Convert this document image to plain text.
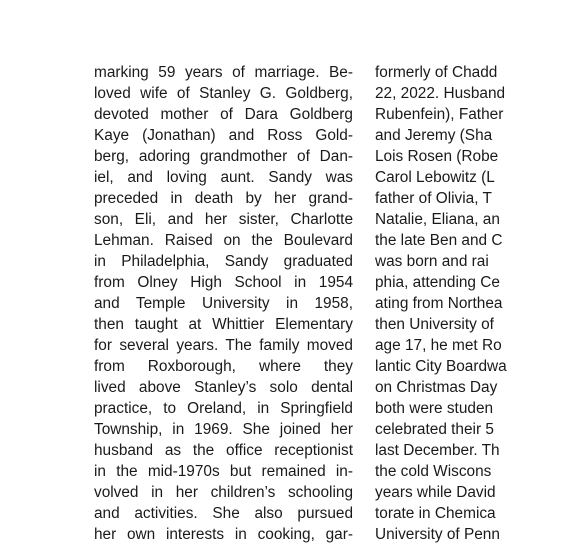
marking 59 years of marriage. Be-
loved wife of Stanley G. Goldberg,
devoted mother of Dara Goldberg
Kaye (Jonathan) and Ross Gold-
berg, adoring grandmother of Dan-
iel, and loving aunt. Sandy was
preceded in death by her grand-
son, Eli, and her sister, Charlotte
Lehman. Raised on the Boulevard
in Philadelphia, Sandy graduated
from Olney High School in 1954
and Temple University in 1958,
then taught at Whittier Elementary
for several years. The family moved
from Roxborough, where they
lived above Stanley’s solo dental
practice, to Oreland, in Springfield
Township, in 1969. She joined her
husband as the office receptionist
in the mid-1970s but remained in-
volved in her children’s schooling
and activities. She also pursued
her own interests in cooking, gar-
formerly of Chadd
22, 2022. Husband
Rubenfein), Father
and Jeremy (Sha
Lois Rosen (Robe
Carol Lebowitz (L
father of Olivia, T
Natalie, Eliana, an
the late Ben and C
was born and rai
phia, attending Ce
ating from Northea
then University of
age 17, he met Ro
lantic City Boardwa
on Christmas Day
both were studen
celebrated their 5
last December. Th
the cold Wiscons
years while David
torate in Chemica
University of Penn
